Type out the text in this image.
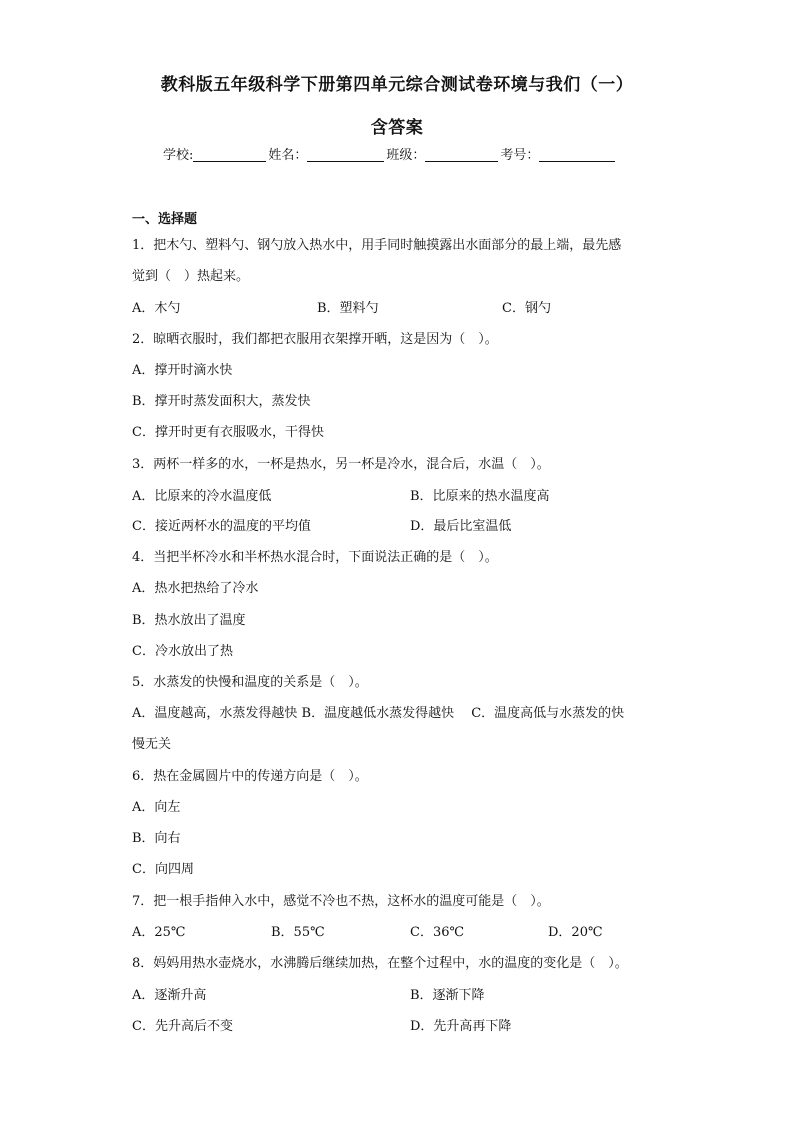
教科版五年级科学下册第四单元综合测试卷环境与我们（一）
含答案
学校:	姓名：	班级：	考号：
一、选择题
1．把木勺、塑料勺、钢勺放入热水中，用手同时触摸露出水面部分的最上端，最先感
觉到（　）热起来。
A．木勺	B．塑料勺	C．钢勺
2．晾晒衣服时，我们都把衣服用衣架撑开晒，这是因为（　）。
A．撑开时滴水快
B．撑开时蒸发面积大，蒸发快
C．撑开时更有衣服吸水，干得快
3．两杯一样多的水，一杯是热水，另一杯是冷水，混合后，水温（　）。
A．比原来的冷水温度低	B．比原来的热水温度高
C．接近两杯水的温度的平均值	D．最后比室温低
4．当把半杯冷水和半杯热水混合时，下面说法正确的是（　）。
A．热水把热给了冷水
B．热水放出了温度
C．冷水放出了热
5．水蒸发的快慢和温度的关系是（　）。
A．温度越高，水蒸发得越快 B．温度越低水蒸发得越快　 C．温度高低与水蒸发的快
慢无关
6．热在金属圆片中的传递方向是（　）。
A．向左
B．向右
C．向四周
7．把一根手指伸入水中，感觉不冷也不热，这杯水的温度可能是（　）。
A．25℃	B．55℃	C．36℃	D．20℃
8．妈妈用热水壶烧水，水沸腾后继续加热，在整个过程中，水的温度的变化是（　）。
A．逐渐升高	B．逐渐下降
C．先升高后不变	D．先升高再下降
